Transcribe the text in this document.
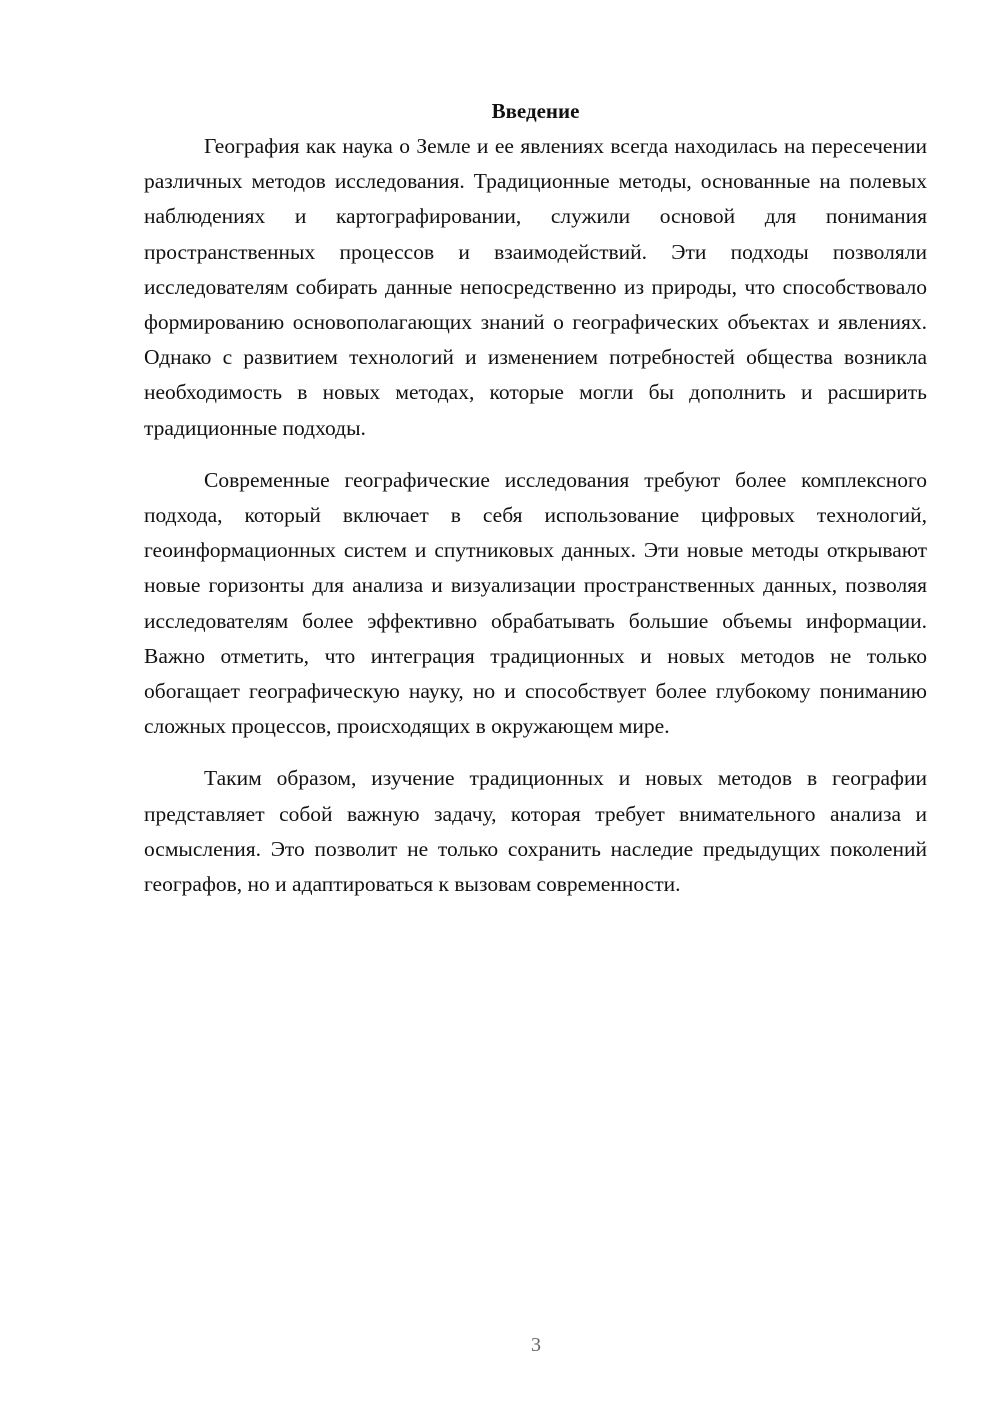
Введение

География как наука о Земле и ее явлениях всегда находилась на пересечении различных методов исследования. Традиционные методы, основанные на полевых наблюдениях и картографировании, служили основой для понимания пространственных процессов и взаимодействий. Эти подходы позволяли исследователям собирать данные непосредственно из природы, что способствовало формированию основополагающих знаний о географических объектах и явлениях. Однако с развитием технологий и изменением потребностей общества возникла необходимость в новых методах, которые могли бы дополнить и расширить традиционные подходы.

Современные географические исследования требуют более комплексного подхода, который включает в себя использование цифровых технологий, геоинформационных систем и спутниковых данных. Эти новые методы открывают новые горизонты для анализа и визуализации пространственных данных, позволяя исследователям более эффективно обрабатывать большие объемы информации. Важно отметить, что интеграция традиционных и новых методов не только обогащает географическую науку, но и способствует более глубокому пониманию сложных процессов, происходящих в окружающем мире.

Таким образом, изучение традиционных и новых методов в географии представляет собой важную задачу, которая требует внимательного анализа и осмысления. Это позволит не только сохранить наследие предыдущих поколений географов, но и адаптироваться к вызовам современности.

3
